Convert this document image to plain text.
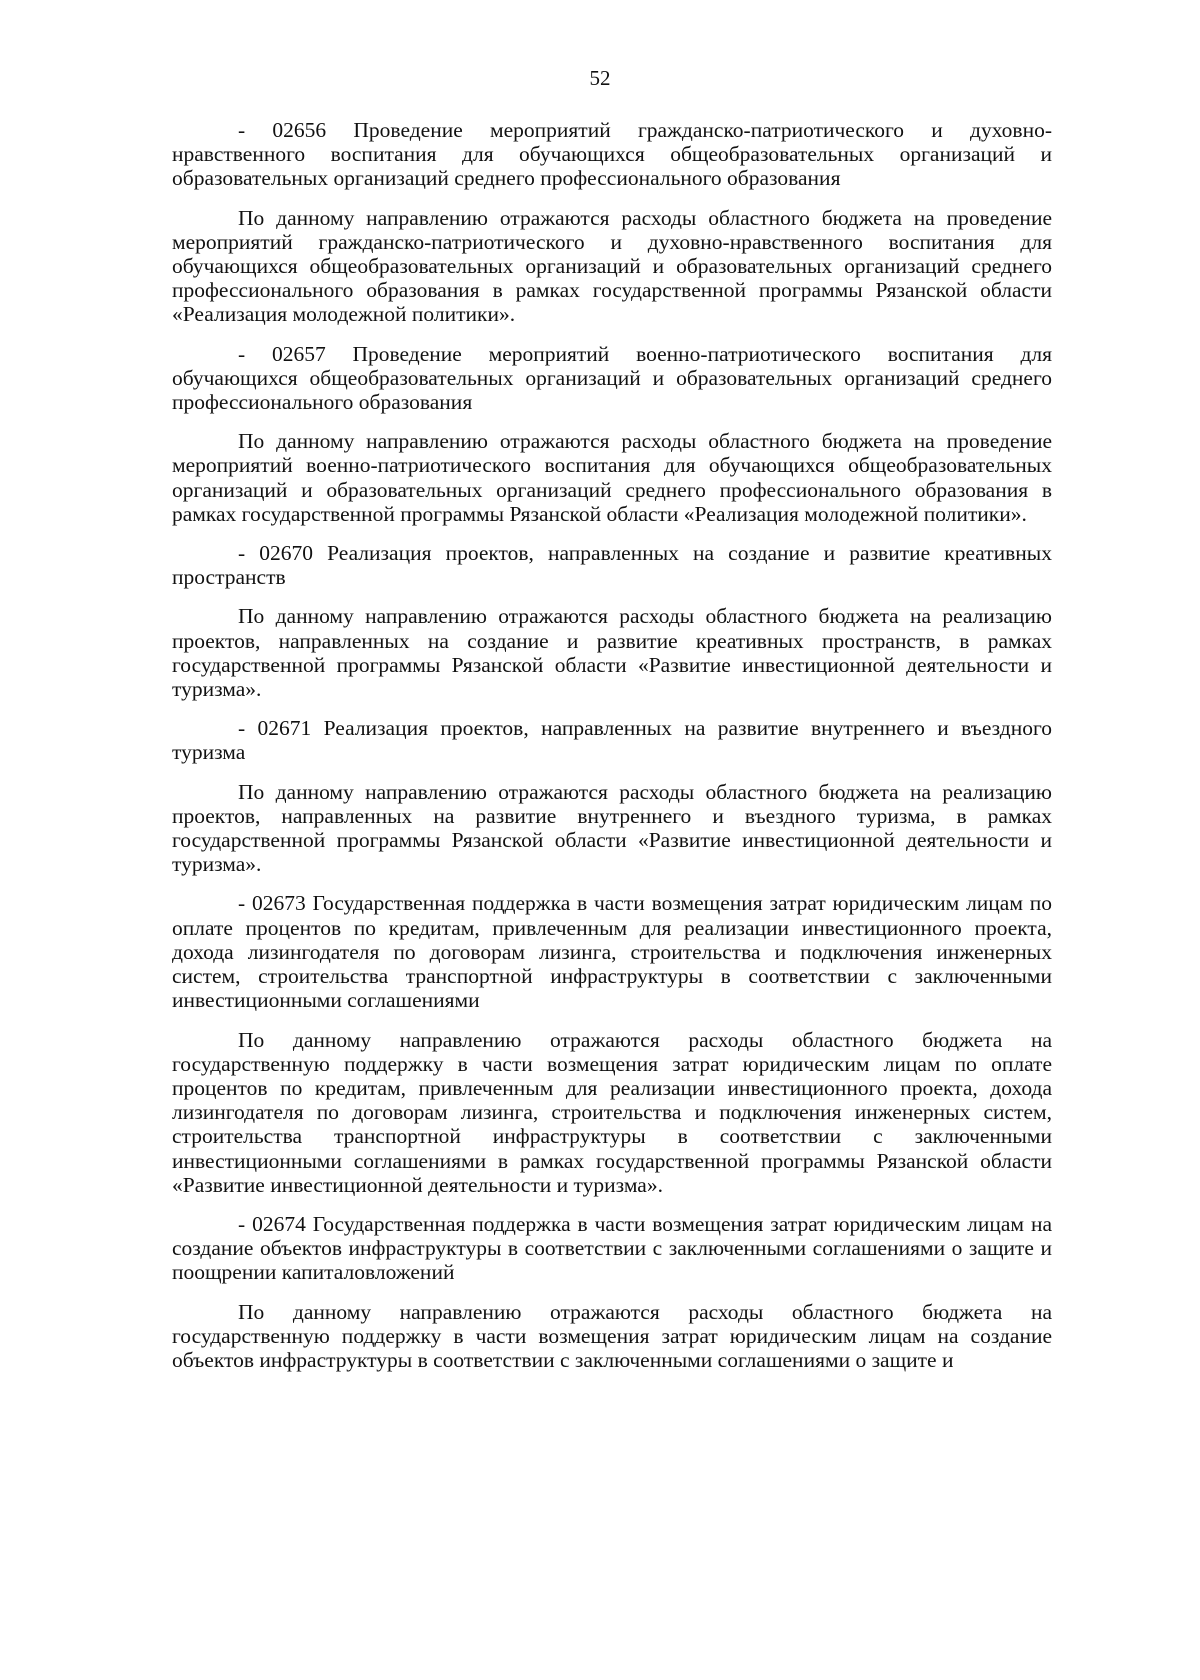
52

- 02656 Проведение мероприятий гражданско-патриотического и духовно-нравственного воспитания для обучающихся общеобразовательных организаций и образовательных организаций среднего профессионального образования

По данному направлению отражаются расходы областного бюджета на проведение мероприятий гражданско-патриотического и духовно-нравственного воспитания для обучающихся общеобразовательных организаций и образовательных организаций среднего профессионального образования в рамках государственной программы Рязанской области «Реализация молодежной политики».

- 02657 Проведение мероприятий военно-патриотического воспитания для обучающихся общеобразовательных организаций и образовательных организаций среднего профессионального образования

По данному направлению отражаются расходы областного бюджета на проведение мероприятий военно-патриотического воспитания для обучающихся общеобразовательных организаций и образовательных организаций среднего профессионального образования в рамках государственной программы Рязанской области «Реализация молодежной политики».

- 02670 Реализация проектов, направленных на создание и развитие креативных пространств

По данному направлению отражаются расходы областного бюджета на реализацию проектов, направленных на создание и развитие креативных пространств, в рамках государственной программы Рязанской области «Развитие инвестиционной деятельности и туризма».

- 02671 Реализация проектов, направленных на развитие внутреннего и въездного туризма

По данному направлению отражаются расходы областного бюджета на реализацию проектов, направленных на развитие внутреннего и въездного туризма, в рамках государственной программы Рязанской области «Развитие инвестиционной деятельности и туризма».

- 02673 Государственная поддержка в части возмещения затрат юридическим лицам по оплате процентов по кредитам, привлеченным для реализации инвестиционного проекта, дохода лизингодателя по договорам лизинга, строительства и подключения инженерных систем, строительства транспортной инфраструктуры в соответствии с заключенными инвестиционными соглашениями

По данному направлению отражаются расходы областного бюджета на государственную поддержку в части возмещения затрат юридическим лицам по оплате процентов по кредитам, привлеченным для реализации инвестиционного проекта, дохода лизингодателя по договорам лизинга, строительства и подключения инженерных систем, строительства транспортной инфраструктуры в соответствии с заключенными инвестиционными соглашениями в рамках государственной программы Рязанской области «Развитие инвестиционной деятельности и туризма».

- 02674 Государственная поддержка в части возмещения затрат юридическим лицам на создание объектов инфраструктуры в соответствии с заключенными соглашениями о защите и поощрении капиталовложений

По данному направлению отражаются расходы областного бюджета на государственную поддержку в части возмещения затрат юридическим лицам на создание объектов инфраструктуры в соответствии с заключенными соглашениями о защите и
